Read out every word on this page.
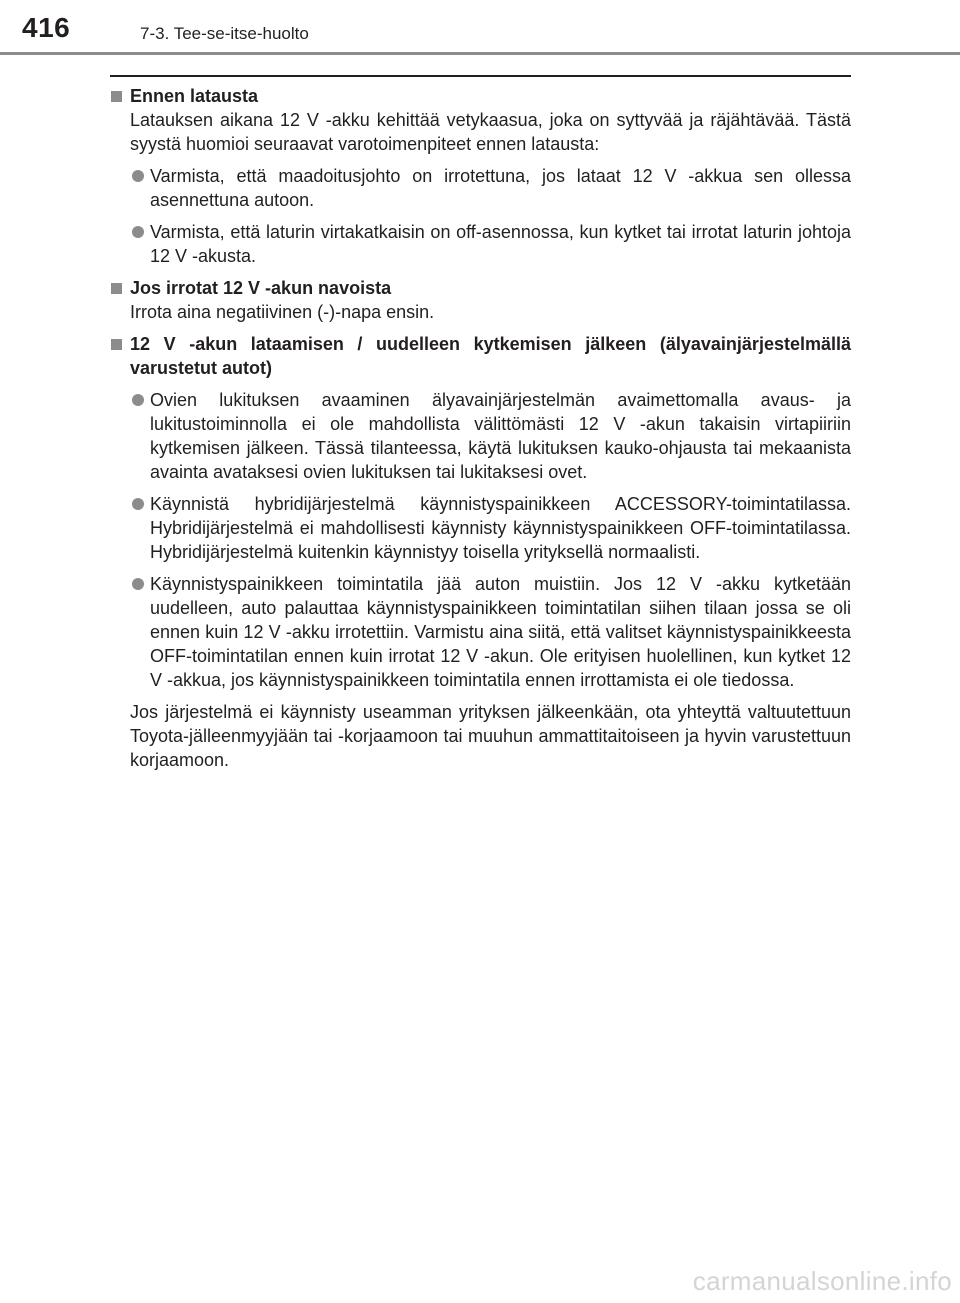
416	7-3. Tee-se-itse-huolto
Ennen latausta
Latauksen aikana 12 V -akku kehittää vetykaasua, joka on syttyvää ja räjähtävää. Tästä syystä huomioi seuraavat varotoimenpiteet ennen latausta:
Varmista, että maadoitusjohto on irrotettuna, jos lataat 12 V -akkua sen ollessa asennettuna autoon.
Varmista, että laturin virtakatkaisin on off-asennossa, kun kytket tai irrotat laturin johtoja 12 V -akusta.
Jos irrotat 12 V -akun navoista
Irrota aina negatiivinen (-)-napa ensin.
12 V -akun lataamisen / uudelleen kytkemisen jälkeen (älyavainjärjestelmällä varustetut autot)
Ovien lukituksen avaaminen älyavainjärjestelmän avaimettomalla avaus- ja lukitustoiminnolla ei ole mahdollista välittömästi 12 V -akun takaisin virtapiiriin kytkemisen jälkeen. Tässä tilanteessa, käytä lukituksen kauko-ohjausta tai mekaanista avainta avataksesi ovien lukituksen tai lukitaksesi ovet.
Käynnistä hybridijärjestelmä käynnistyspainikkeen ACCESSORY-toimintatilassa. Hybridijärjestelmä ei mahdollisesti käynnisty käynnistyspainikkeen OFF-toimintatilassa. Hybridijärjestelmä kuitenkin käynnistyy toisella yrityksellä normaalisti.
Käynnistyspainikkeen toimintatila jää auton muistiin. Jos 12 V -akku kytketään uudelleen, auto palauttaa käynnistyspainikkeen toimintatilan siihen tilaan jossa se oli ennen kuin 12 V -akku irrotettiin. Varmistu aina siitä, että valitset käynnistyspainikkeesta OFF-toimintatilan ennen kuin irrotat 12 V -akun. Ole erityisen huolellinen, kun kytket 12 V -akkua, jos käynnistyspainikkeen toimintatila ennen irrottamista ei ole tiedossa.
Jos järjestelmä ei käynnisty useamman yrityksen jälkeenkään, ota yhteyttä valtuutettuun Toyota-jälleenmyyjään tai -korjaamoon tai muuhun ammattitaitoiseen ja hyvin varustettuun korjaamoon.
carmanualsonline.info
